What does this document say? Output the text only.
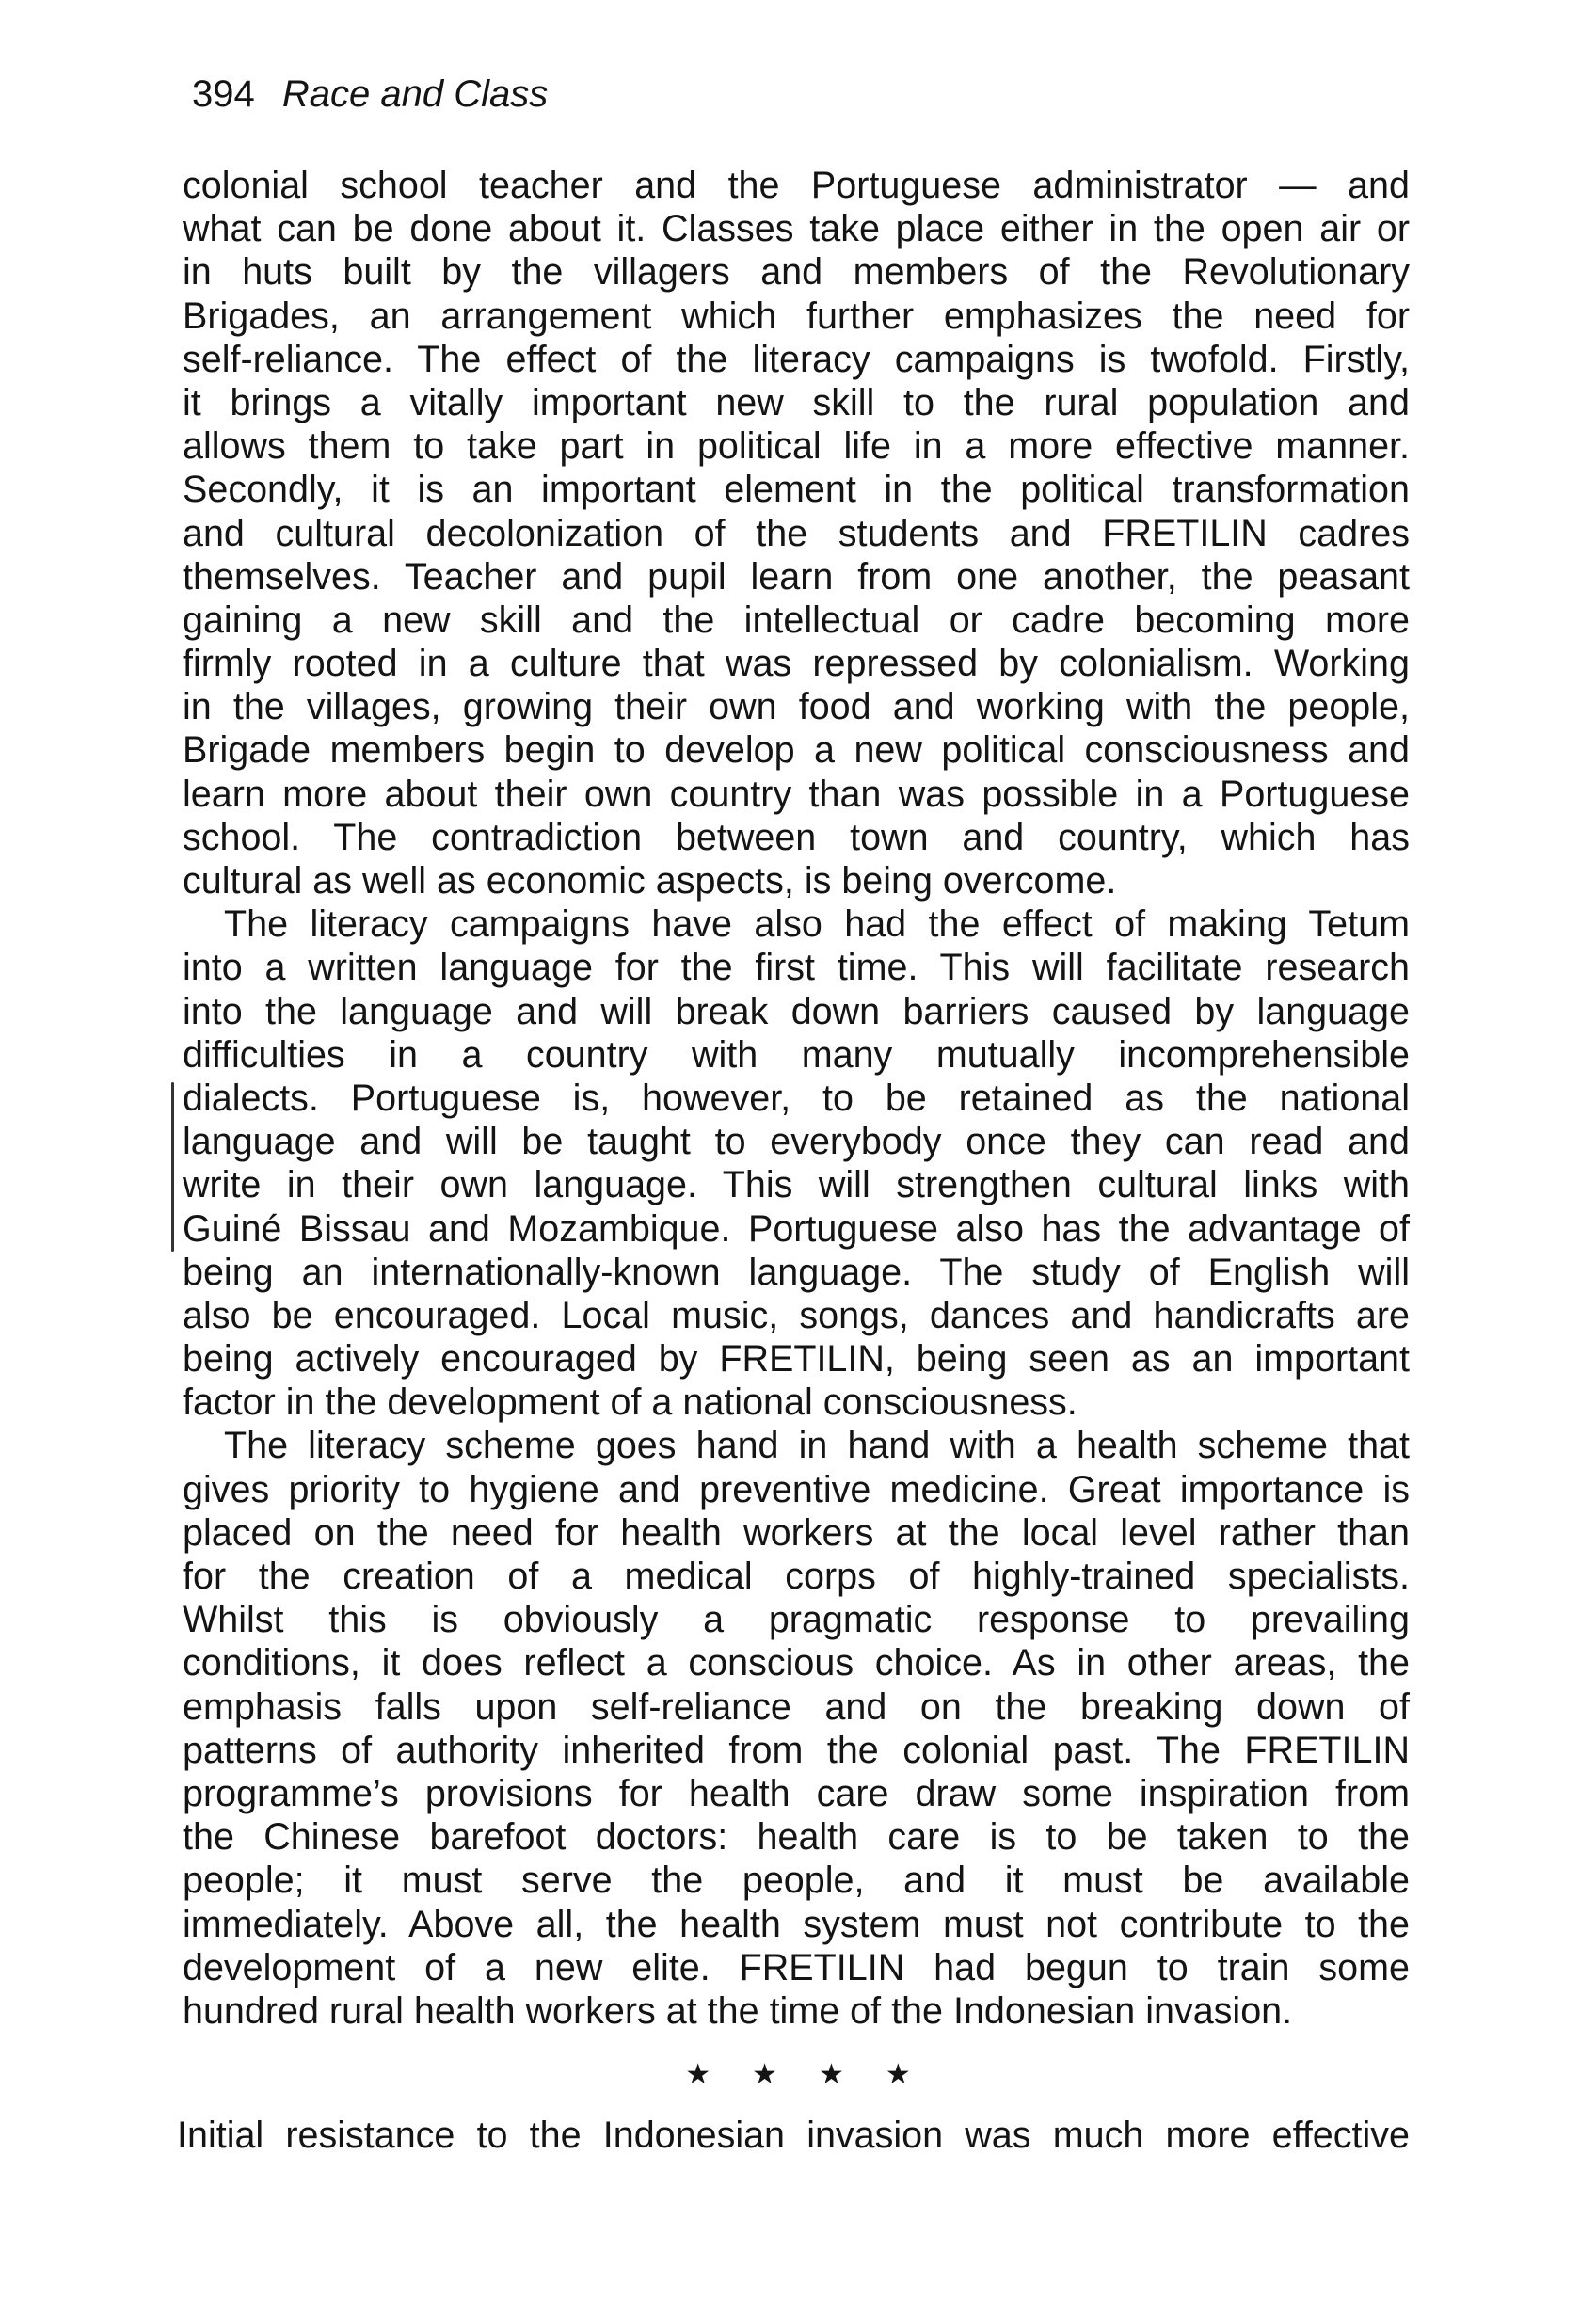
394 Race and Class
colonial school teacher and the Portuguese administrator — and
what can be done about it. Classes take place either in the open air or
in huts built by the villagers and members of the Revolutionary
Brigades, an arrangement which further emphasizes the need for
self-reliance. The effect of the literacy campaigns is twofold. Firstly,
it brings a vitally important new skill to the rural population and
allows them to take part in political life in a more effective manner.
Secondly, it is an important element in the political transformation
and cultural decolonization of the students and FRETILIN cadres
themselves. Teacher and pupil learn from one another, the peasant
gaining a new skill and the intellectual or cadre becoming more
firmly rooted in a culture that was repressed by colonialism. Working
in the villages, growing their own food and working with the people,
Brigade members begin to develop a new political consciousness and
learn more about their own country than was possible in a Portuguese
school. The contradiction between town and country, which has
cultural as well as economic aspects, is being overcome.
The literacy campaigns have also had the effect of making Tetum
into a written language for the first time. This will facilitate research
into the language and will break down barriers caused by language
difficulties in a country with many mutually incomprehensible
dialects. Portuguese is, however, to be retained as the national
language and will be taught to everybody once they can read and
write in their own language. This will strengthen cultural links with
Guiné Bissau and Mozambique. Portuguese also has the advantage of
being an internationally-known language. The study of English will
also be encouraged. Local music, songs, dances and handicrafts are
being actively encouraged by FRETILIN, being seen as an important
factor in the development of a national consciousness.
The literacy scheme goes hand in hand with a health scheme that
gives priority to hygiene and preventive medicine. Great importance is
placed on the need for health workers at the local level rather than
for the creation of a medical corps of highly-trained specialists.
Whilst this is obviously a pragmatic response to prevailing
conditions, it does reflect a conscious choice. As in other areas, the
emphasis falls upon self-reliance and on the breaking down of
patterns of authority inherited from the colonial past. The FRETILIN
programme’s provisions for health care draw some inspiration from
the Chinese barefoot doctors: health care is to be taken to the
people; it must serve the people, and it must be available
immediately. Above all, the health system must not contribute to the
development of a new elite. FRETILIN had begun to train some
hundred rural health workers at the time of the Indonesian invasion.
★ ★ ★ ★
Initial resistance to the Indonesian invasion was much more effective
